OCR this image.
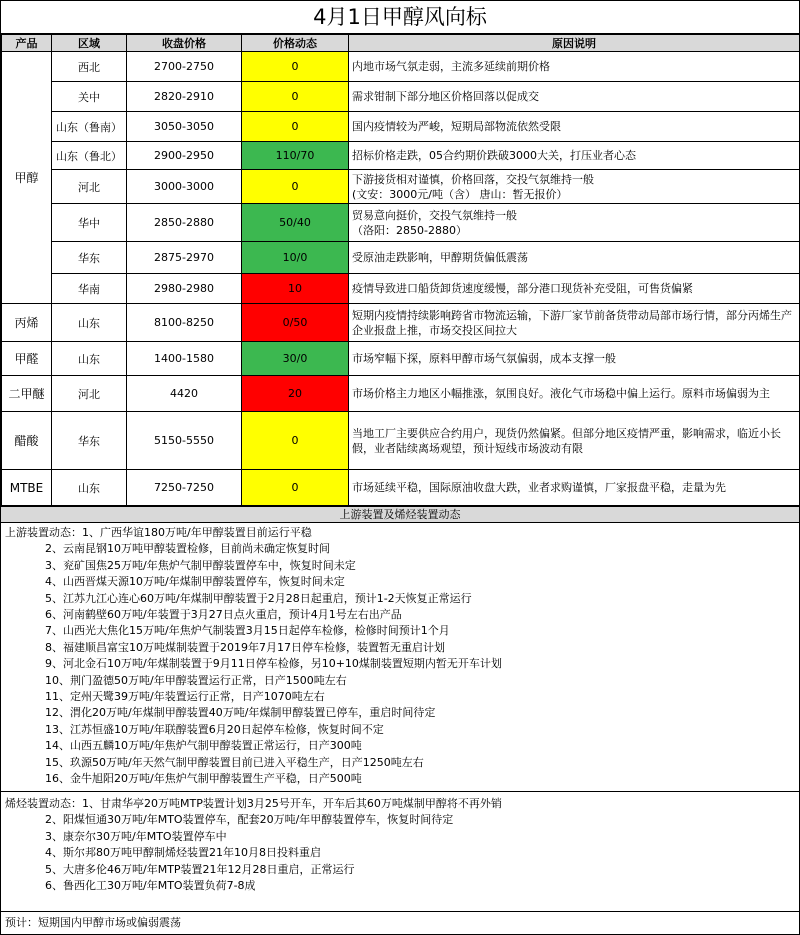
4月1日甲醇风向标
产品	区域	收盘价格	价格动态	原因说明
甲醇	西北	2700-2750	0	内地市场气氛走弱，主流多延续前期价格
	关中	2820-2910	0	需求钳制下部分地区价格回落以促成交
	山东（鲁南）	3050-3050	0	国内疫情较为严峻，短期局部物流依然受限
	山东（鲁北）	2900-2950	110/70	招标价格走跌，05合约期价跌破3000大关，打压业者心态
	河北	3000-3000	0	下游接货相对谨慎，价格回落，交投气氛维持一般
(文安：3000元/吨（含） 唐山：暂无报价）

	华中	2850-2880	50/40	贸易意向挺价，交投气氛维持一般
（洛阳：2850-2880）

	华东	2875-2970	10/0	受原油走跌影响，甲醇期货偏低震荡
	华南	2980-2980	10	疫情导致进口船货卸货速度缓慢，部分港口现货补充受阻，可售货偏紧
丙烯	山东	8100-8250	0/50	短期内疫情持续影响跨省市物流运输，下游厂家节前备货带动局部市场行情，部分丙烯生产企业报盘上推，市场交投区间拉大
甲醛	山东	1400-1580	30/0	市场窄幅下探，原料甲醇市场气氛偏弱，成本支撑一般
二甲醚	河北	4420	20	市场价格主力地区小幅推涨，氛围良好。液化气市场稳中偏上运行。原料市场偏弱为主
醋酸	华东	5150-5550	0	当地工厂主要供应合约用户，现货仍然偏紧。但部分地区疫情严重，影响需求，临近小长假，业者陆续离场观望，预计短线市场波动有限
MTBE	山东	7250-7250	0	市场延续平稳，国际原油收盘大跌，业者求购谨慎，厂家报盘平稳，走量为先
上游装置及烯烃装置动态
上游装置动态：1、广西华谊180万吨/年甲醇装置目前运行平稳
2、云南昆钢10万吨甲醇装置检修，目前尚未确定恢复时间
3、兖矿国焦25万吨/年焦炉气制甲醇装置停车中，恢复时间未定
4、山西晋煤天源10万吨/年煤制甲醇装置停车，恢复时间未定
5、江苏九江心连心60万吨/年煤制甲醇装置于2月28日起重启，预计1-2天恢复正常运行
6、河南鹤壁60万吨/年装置于3月27日点火重启，预计4月1号左右出产品
7、山西光大焦化15万吨/年焦炉气制装置3月15日起停车检修，检修时间预计1个月
8、福建顺昌富宝10万吨煤制装置于2019年7月17日停车检修，装置暂无重启计划
9、河北金石10万吨/年煤制装置于9月11日停车检修，另10+10煤制装置短期内暂无开车计划
10、荆门盈德50万吨/年甲醇装置运行正常，日产1500吨左右
11、定州天鹭39万吨/年装置运行正常，日产1070吨左右
12、渭化20万吨/年煤制甲醇装置40万吨/年煤制甲醇装置已停车，重启时间待定
13、江苏恒盛10万吨/年联醇装置6月20日起停车检修，恢复时间不定
14、山西五麟10万吨/年焦炉气制甲醇装置正常运行，日产300吨
15、玖源50万吨/年天然气制甲醇装置目前已进入平稳生产，日产1250吨左右
16、金牛旭阳20万吨/年焦炉气制甲醇装置生产平稳，日产500吨
烯烃装置动态：1、甘肃华亭20万吨MTP装置计划3月25号开车，开车后其60万吨煤制甲醇将不再外销
2、阳煤恒通30万吨/年MTO装置停车，配套20万吨/年甲醇装置停车，恢复时间待定
3、康奈尔30万吨/年MTO装置停车中
4、斯尔邦80万吨甲醇制烯烃装置21年10月8日投料重启
5、大唐多伦46万吨/年MTP装置21年12月28日重启，正常运行
6、鲁西化工30万吨/年MTO装置负荷7-8成
预计：短期国内甲醇市场或偏弱震荡
